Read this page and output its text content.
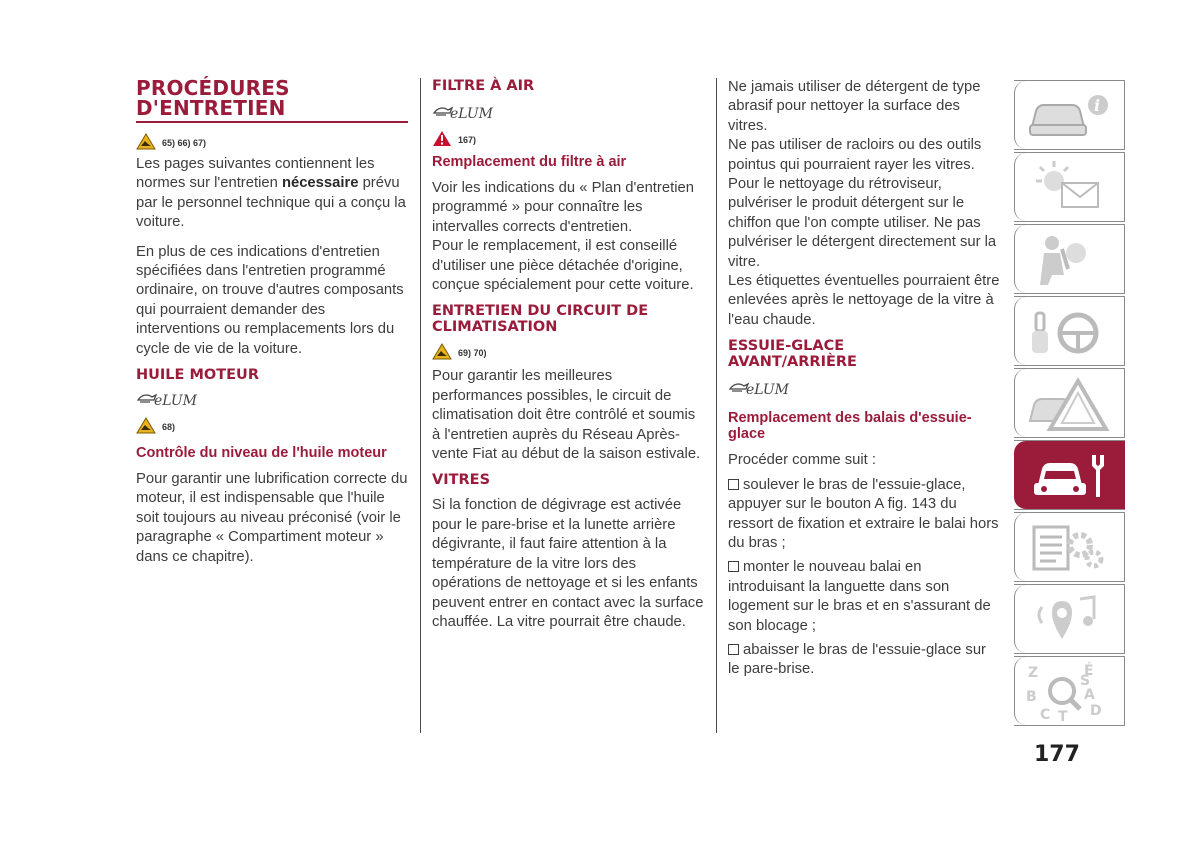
PROCÉDURES
D'ENTRETIEN
65) 66) 67)

Les pages suivantes contiennent les normes sur l'entretien nécessaire prévu par le personnel technique qui a conçu la voiture.

En plus de ces indications d'entretien spécifiées dans l'entretien programmé ordinaire, on trouve d'autres composants qui pourraient demander des interventions ou remplacements lors du cycle de vie de la voiture.

HUILE MOTEUR
eLUM
68)
Contrôle du niveau de l'huile moteur

Pour garantir une lubrification correcte du moteur, il est indispensable que l'huile soit toujours au niveau préconisé (voir le paragraphe « Compartiment moteur » dans ce chapitre).

FILTRE À AIR
eLUM
167)
Remplacement du filtre à air

Voir les indications du « Plan d'entretien programmé » pour connaître les intervalles corrects d'entretien.

Pour le remplacement, il est conseillé d'utiliser une pièce détachée d'origine, conçue spécialement pour cette voiture.

ENTRETIEN DU CIRCUIT DE CLIMATISATION
69) 70)

Pour garantir les meilleures performances possibles, le circuit de climatisation doit être contrôlé et soumis à l'entretien auprès du Réseau Après-vente Fiat au début de la saison estivale.

VITRES

Si la fonction de dégivrage est activée pour le pare-brise et la lunette arrière dégivrante, il faut faire attention à la température de la vitre lors des opérations de nettoyage et si les enfants peuvent entrer en contact avec la surface chauffée. La vitre pourrait être chaude.

Ne jamais utiliser de détergent de type abrasif pour nettoyer la surface des vitres.

Ne pas utiliser de racloirs ou des outils pointus qui pourraient rayer les vitres.

Pour le nettoyage du rétroviseur, pulvériser le produit détergent sur le chiffon que l'on compte utiliser. Ne pas pulvériser le détergent directement sur la vitre.

Les étiquettes éventuelles pourraient être enlevées après le nettoyage de la vitre à l'eau chaude.

ESSUIE-GLACE
AVANT/ARRIÈRE
eLUM
Remplacement des balais d'essuie-glace

Procéder comme suit :

soulever le bras de l'essuie-glace, appuyer sur le bouton A fig. 143 du ressort de fixation et extraire le balai hors du bras ;

monter le nouveau balai en introduisant la languette dans son logement sur le bras et en s'assurant de son blocage ;

abaisser le bras de l'essuie-glace sur le pare-brise.

i
Z	É
S
B	A
C T D
177
